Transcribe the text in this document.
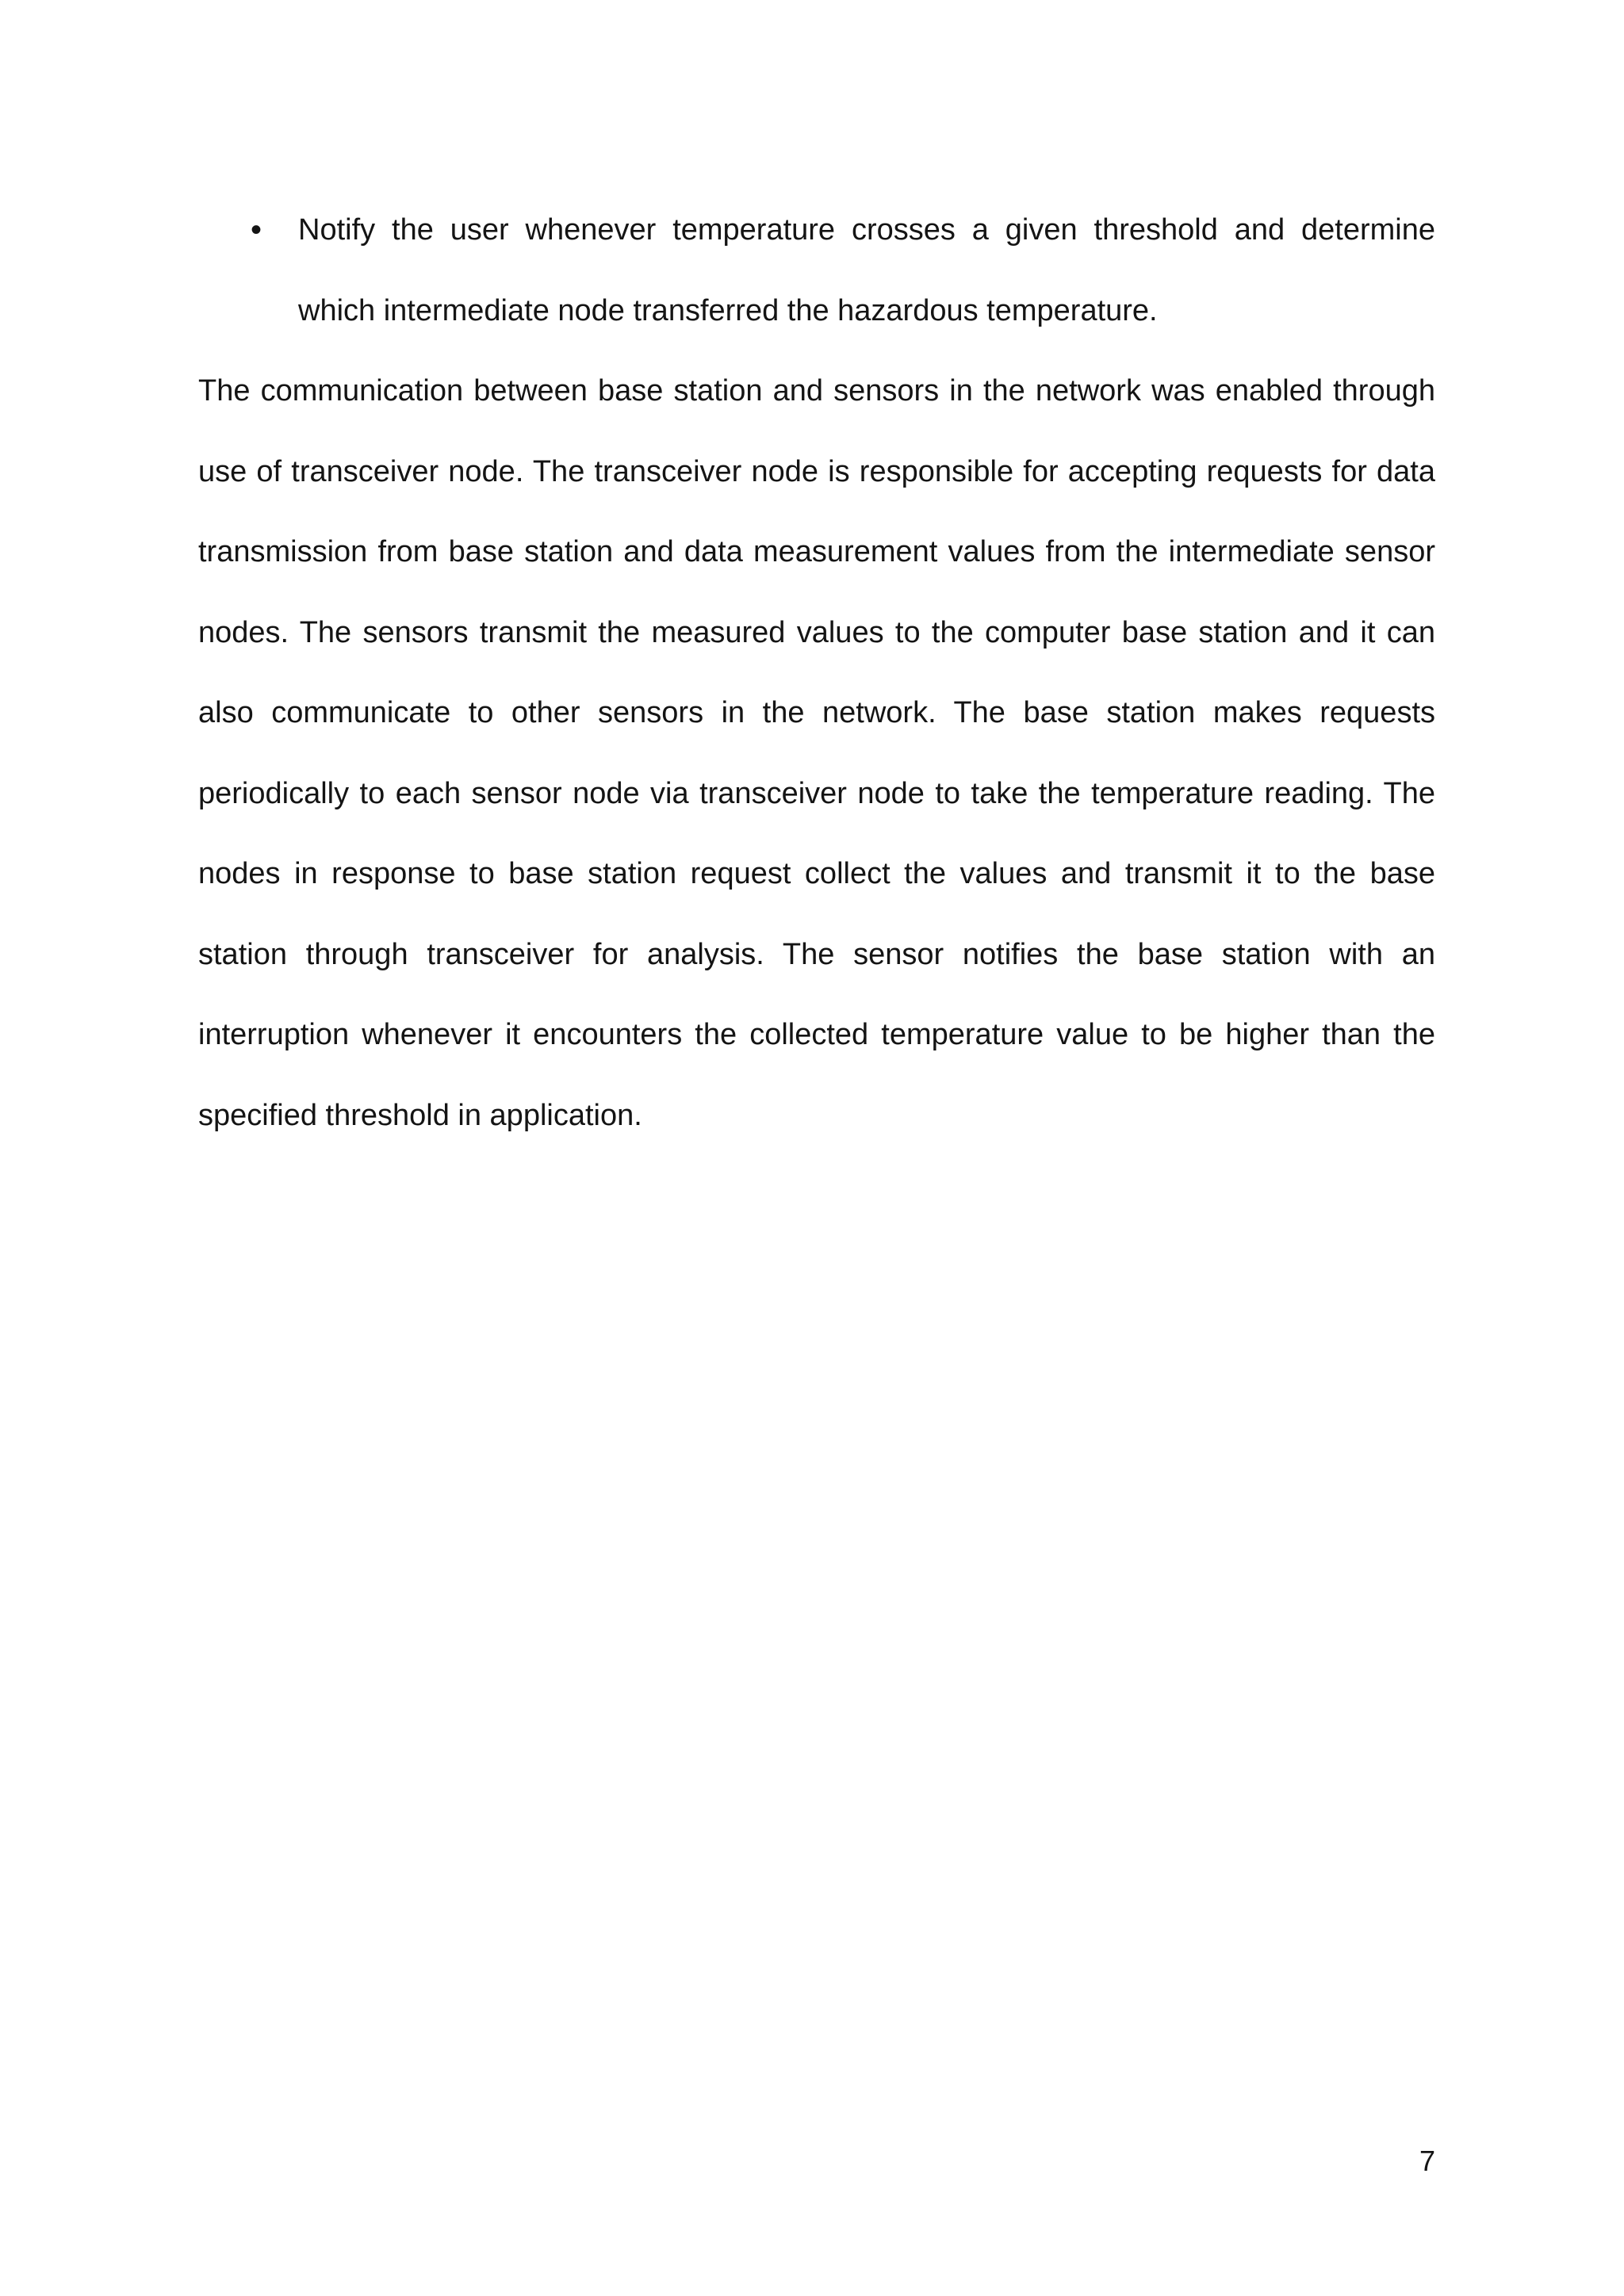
• Notify the user whenever temperature crosses a given threshold and determine which intermediate node transferred the hazardous temperature.

The communication between base station and sensors in the network was enabled through use of transceiver node. The transceiver node is responsible for accepting requests for data transmission from base station and data measurement values from the intermediate sensor nodes. The sensors transmit the measured values to the computer base station and it can also communicate to other sensors in the network. The base station makes requests periodically to each sensor node via transceiver node to take the temperature reading. The nodes in response to base station request collect the values and transmit it to the base station through transceiver for analysis. The sensor notifies the base station with an interruption whenever it encounters the collected temperature value to be higher than the specified threshold in application.

7
